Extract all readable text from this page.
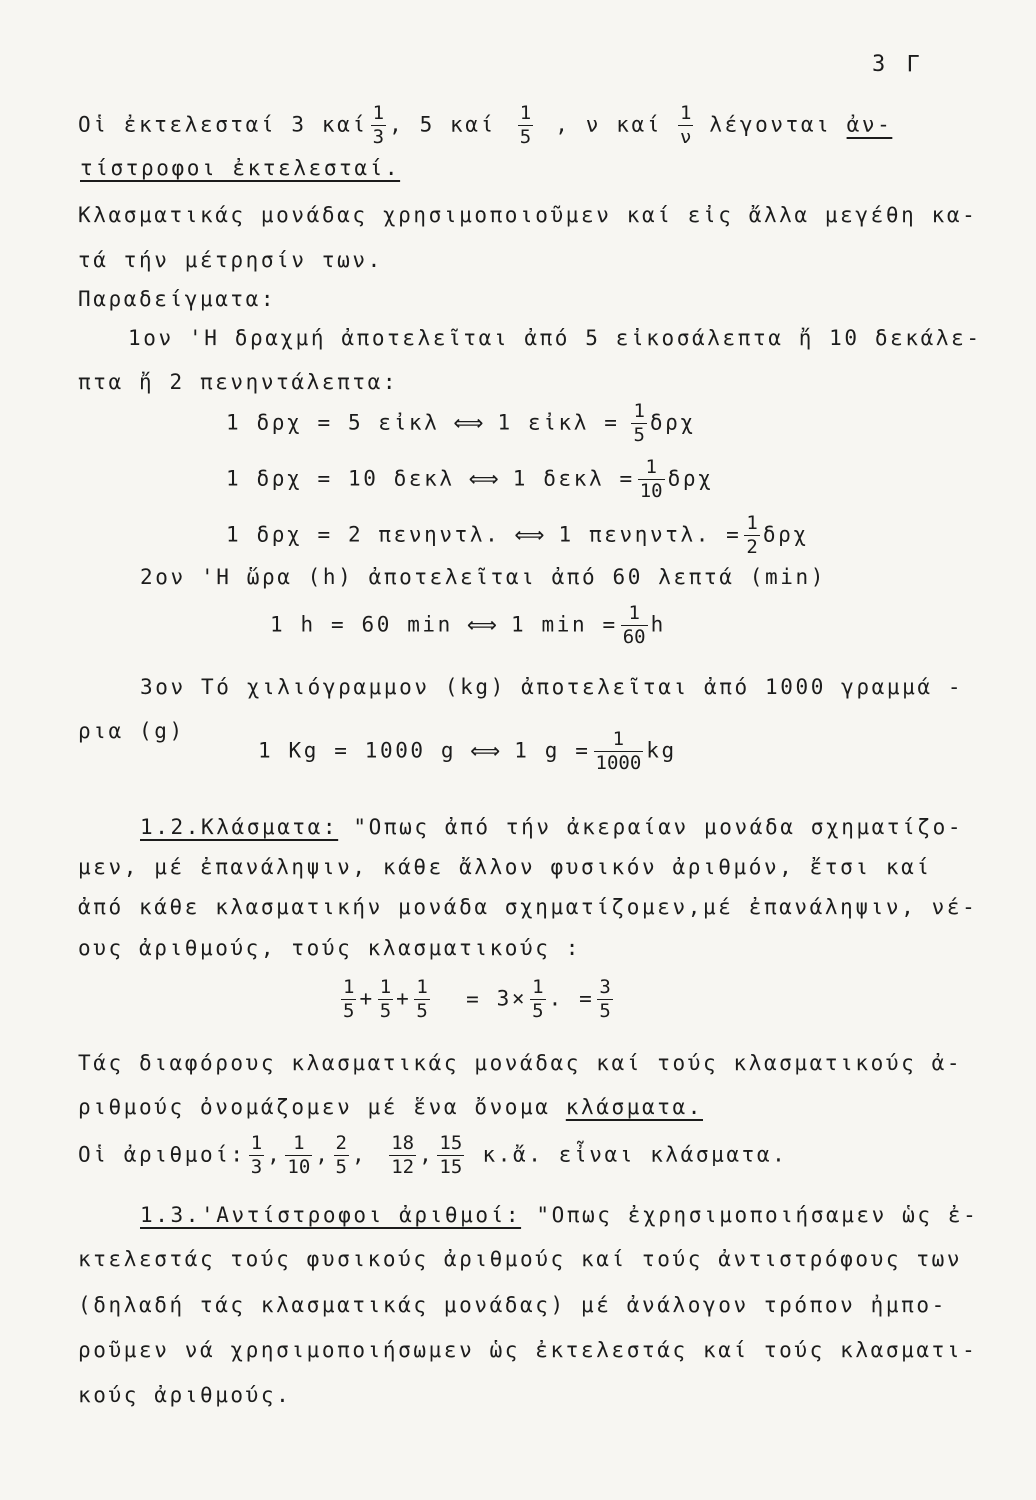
3 Γ
Οἱ ἐκτελεσταί 3 καί $\frac{1}{3}$ , 5 καί $\frac{1}{5}$ , ν καί $\frac{1}{\nu}$ λέγονται ἀν-
τίστροφοι ἐκτελεσταί.
Κλασματικάς μονάδας χρησιμοποιοῦμεν καί εἰς ἄλλα μεγέθη κα-
τά τήν μέτρησίν των.
Παραδείγματα:
1ον 'Η δραχμή ἀποτελεῖται ἀπό 5 εἰκοσάλεπτα ἤ 10 δεκάλε-
πτα ἤ 2 πενηντάλεπτα:
1 δρχ = 5 εἰκλ ⟺ 1 εἰκλ = $\frac{1}{5}$ δρχ
1 δρχ = 10 δεκλ ⟺ 1 $\delta\varepsilon\kappa\lambda = \frac{1}{10}$ δρχ
1 δρχ = 2 πενηντλ. ⟺ 1 πενηντλ. = $\frac{1}{2}$ δρχ
2ον 'Η ὥρα (h) ἀποτελεῖται ἀπό 60 λεπτά (min)
1 h = 60 min ⟺ 1 $\min = \frac{1}{60}$ h
3ον Τό χιλιόγραμμον (kg) ἀποτελεῖται ἀπό 1000 γραμμά -
ρια (g)
1 Kg = 1000 g ⟺ 1 $g = \frac{1}{1000}$ kg
1.2.Κλάσματα: "Οπως ἀπό τήν ἀκεραίαν μονάδα σχηματίζο-
μεν, μέ ἐπανάληψιν, κάθε ἄλλον φυσικόν ἀριθμόν, ἔτσι καί
ἀπό κάθε κλασματικήν μονάδα σχηματίζομεν,μέ ἐπανάληψιν, νέ-
ους ἀριθμούς, τούς κλασματικούς :
$\frac{1}{5} + \frac{1}{5} + \frac{1}{5} = 3\times \frac{1}{5}$ . = $\frac{3}{5}$
Τάς διαφόρους κλασματικάς μονάδας καί τούς κλασματικούς ἀ-
ριθμούς ὀνομάζομεν μέ ἕνα ὄνομα κλάσματα.
Οἱ ἀριθμοί: $\frac{1}{3}$ , $\frac{1}{10}$ , $\frac{2}{5}$ , $\frac{18}{12}$ , $\frac{15}{15}$ κ.ἄ. εἶναι κλάσματα.
1.3.'Αντίστροφοι ἀριθμοί: "Οπως ἐχρησιμοποιήσαμεν ὡς ἐ-
κτελεστάς τούς φυσικούς ἀριθμούς καί τούς ἀντιστρόφους των
(δηλαδή τάς κλασματικάς μονάδας) μέ ἀνάλογον τρόπον ἠμπο-
ροῦμεν νά χρησιμοποιήσωμεν ὡς ἐκτελεστάς καί τούς κλασματι-
κούς ἀριθμούς.
